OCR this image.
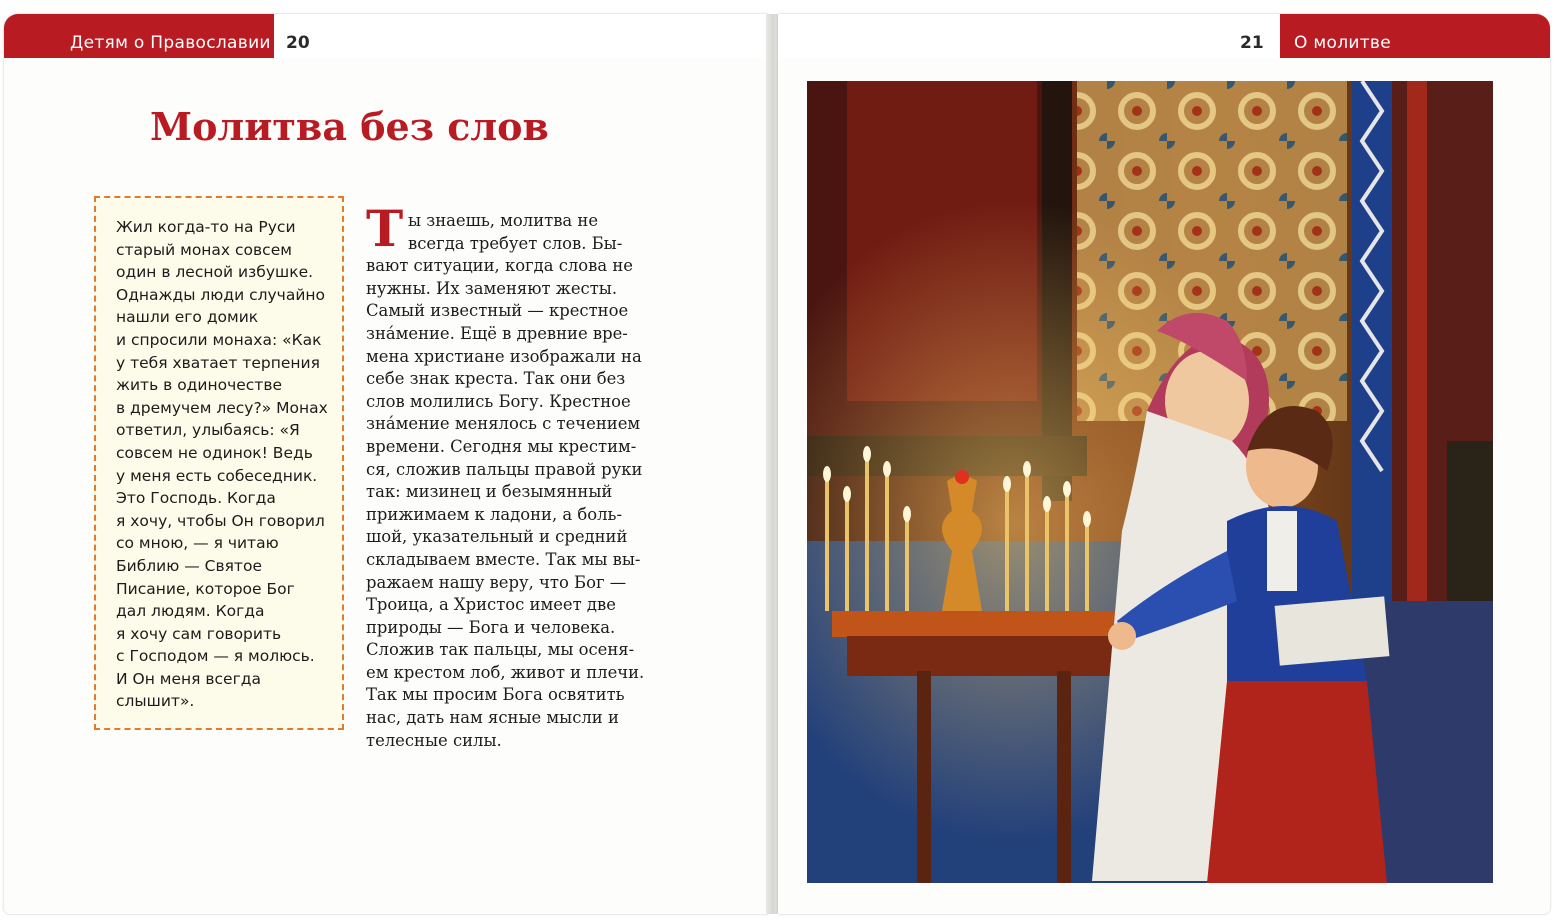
Детям о Православии 20
Молитва без слов
Жил когда-то на Руси
старый монах совсем
один в лесной избушке.
Однажды люди случайно
нашли его домик
и спросили монаха: «Как
у тебя хватает терпения
жить в одиночестве
в дремучем лесу?» Монах
ответил, улыбаясь: «Я
совсем не одинок! Ведь
у меня есть собеседник.
Это Господь. Когда
я хочу, чтобы Он говорил
со мною, — я читаю
Библию — Святое
Писание, которое Бог
дал людям. Когда
я хочу сам говорить
с Господом — я молюсь.
И Он меня всегда
слышит».
Т ы знаешь, молитва не
всегда требует слов. Бы-
вают ситуации, когда слова не
нужны. Их заменяют жесты.
Самый известный — крестное
зна́мение. Ещё в древние вре-
мена христиане изображали на
себе знак креста. Так они без
слов молились Богу. Крестное
зна́мение менялось с течением
времени. Сегодня мы крестим-
ся, сложив пальцы правой руки
так: мизинец и безымянный
прижимаем к ладони, а боль-
шой, указательный и средний
складываем вместе. Так мы вы-
ражаем нашу веру, что Бог —
Троица, а Христос имеет две
природы — Бога и человека.
Сложив так пальцы, мы осеня-
ем крестом лоб, живот и плечи.
Так мы просим Бога освятить
нас, дать нам ясные мысли и
телесные силы.
21 О молитве
